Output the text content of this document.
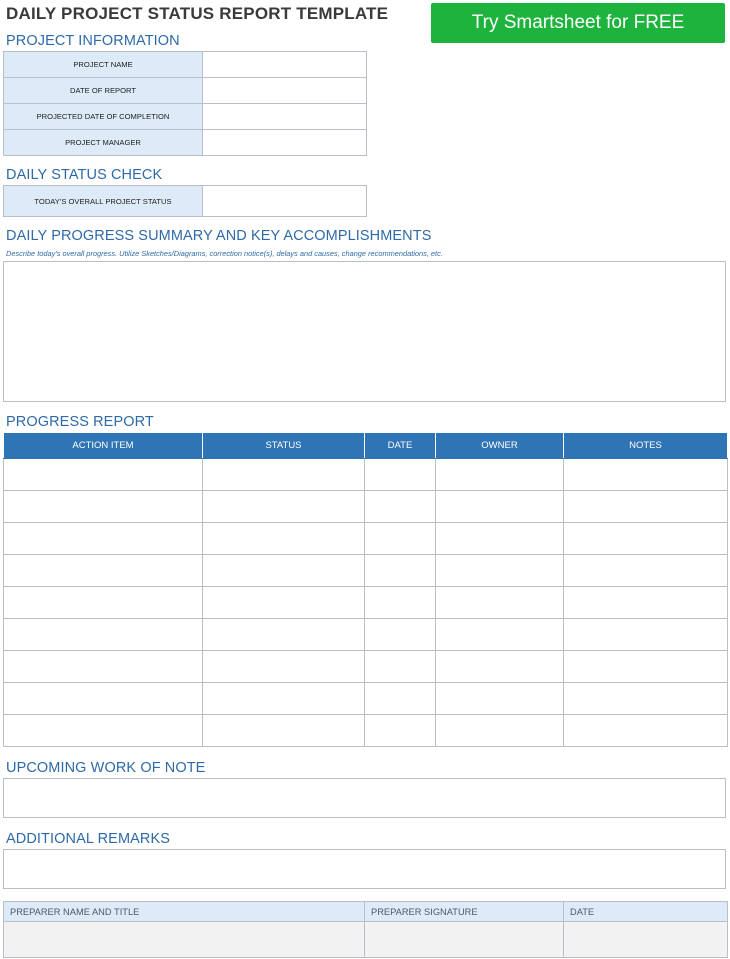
DAILY PROJECT STATUS REPORT TEMPLATE	Try Smartsheet for FREE
PROJECT INFORMATION
PROJECT NAME	
DATE OF REPORT	
PROJECTED DATE OF COMPLETION	
PROJECT MANAGER	
DAILY STATUS CHECK
TODAY'S OVERALL PROJECT STATUS	
DAILY PROGRESS SUMMARY AND KEY ACCOMPLISHMENTS
Describe today's overall progress. Utilize Sketches/Diagrams, correction notice(s), delays and causes, change recommendations, etc.
PROGRESS REPORT
ACTION ITEM	STATUS	DATE	OWNER	NOTES

UPCOMING WORK OF NOTE
ADDITIONAL REMARKS
PREPARER NAME AND TITLE	PREPARER SIGNATURE	DATE
